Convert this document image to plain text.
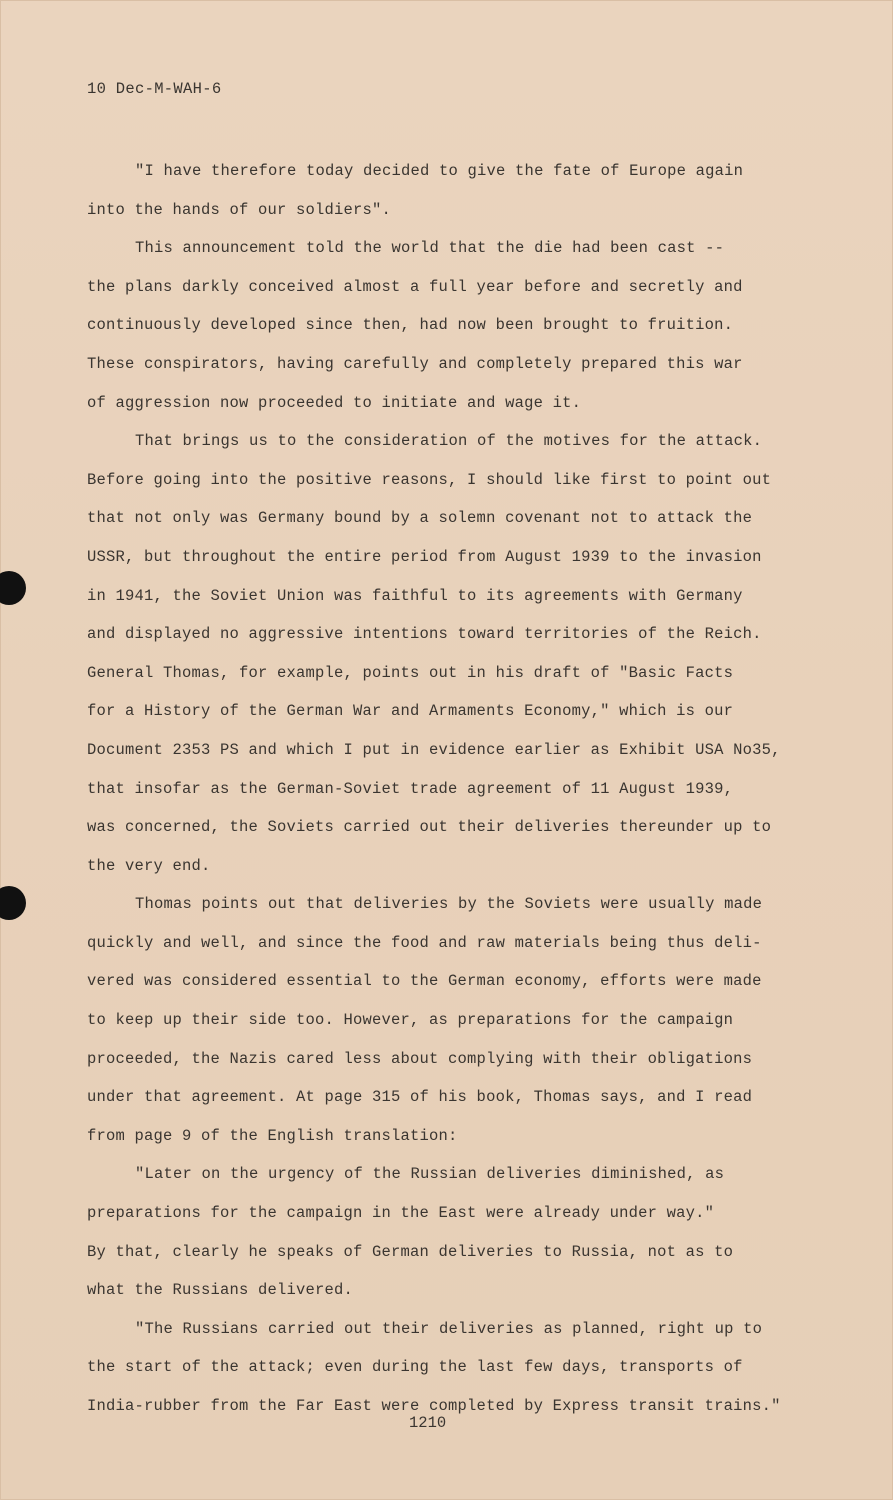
10 Dec-M-WAH-6
"I have therefore today decided to give the fate of Europe again
into the hands of our soldiers".
This announcement told the world that the die had been cast --
the plans darkly conceived almost a full year before and secretly and
continuously developed since then, had now been brought to fruition.
These conspirators, having carefully and completely prepared this war
of aggression now proceeded to initiate and wage it.
That brings us to the consideration of the motives for the attack.
Before going into the positive reasons, I should like first to point out
that not only was Germany bound by a solemn covenant not to attack the
USSR, but throughout the entire period from August 1939 to the invasion
in 1941, the Soviet Union was faithful to its agreements with Germany
and displayed no aggressive intentions toward territories of the Reich.
General Thomas, for example, points out in his draft of "Basic Facts
for a History of the German War and Armaments Economy," which is our
Document 2353 PS and which I put in evidence earlier as Exhibit USA No35,
that insofar as the German-Soviet trade agreement of 11 August 1939,
was concerned, the Soviets carried out their deliveries thereunder up to
the very end.
Thomas points out that deliveries by the Soviets were usually made
quickly and well, and since the food and raw materials being thus deli-
vered was considered essential to the German economy, efforts were made
to keep up their side too. However, as preparations for the campaign
proceeded, the Nazis cared less about complying with their obligations
under that agreement. At page 315 of his book, Thomas says, and I read
from page 9 of the English translation:
"Later on the urgency of the Russian deliveries diminished, as
preparations for the campaign in the East were already under way."
By that, clearly he speaks of German deliveries to Russia, not as to
what the Russians delivered.
"The Russians carried out their deliveries as planned, right up to
the start of the attack; even during the last few days, transports of
India-rubber from the Far East were completed by Express transit trains."
1210
